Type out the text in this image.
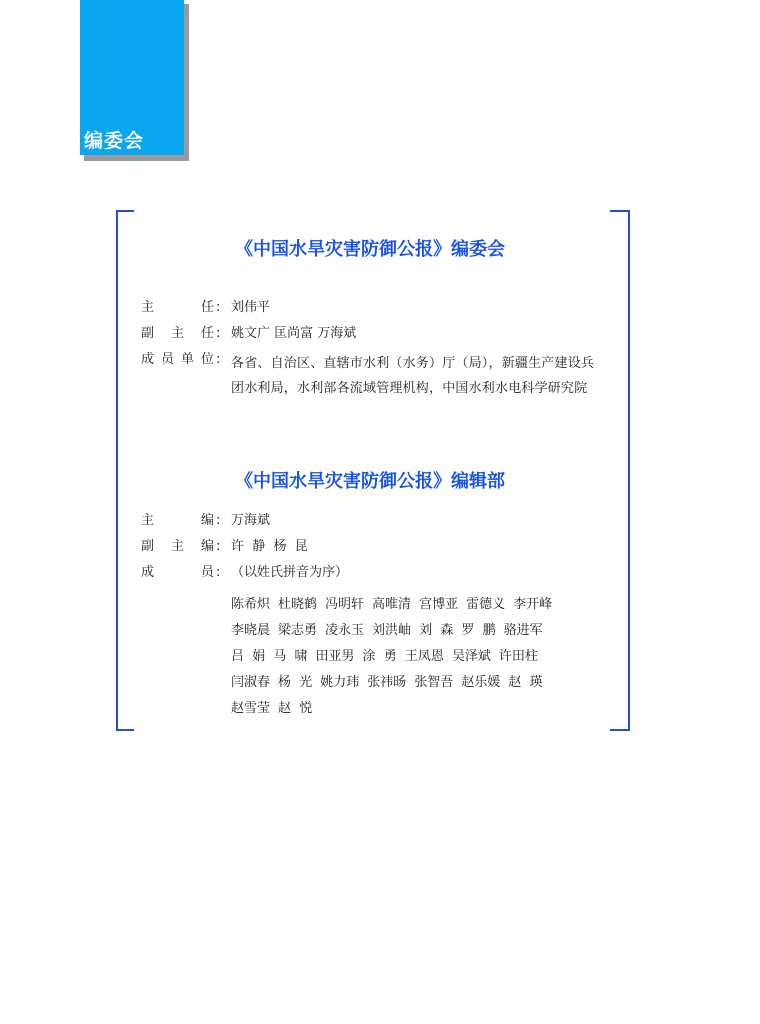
编委会
《中国水旱灾害防御公报》编委会
主	任 : 刘伟平
副 主 任 : 姚文广 匡尚富 万海斌
成 员 单 位 : 各省、自治区、直辖市水利（水务）厅（局），新疆生产建设兵
团水利局，水利部各流域管理机构，中国水利水电科学研究院
《中国水旱灾害防御公报》编辑部
主	编 : 万海斌
副 主 编 : 许  静  杨  昆
成	员 : （以姓氏拼音为序）
陈希炽 杜晓鹤 冯明轩 高唯清 宫博亚 雷德义 李开峰
李晓晨 梁志勇 凌永玉 刘洪岫 刘  森 罗  鹏 骆进军
吕  娟 马  啸 田亚男 涂  勇 王凤恩 吴泽斌 许田柱
闫淑春 杨  光 姚力玮 张祎旸 张智吾 赵乐媛 赵  瑛
赵雪莹 赵  悦
